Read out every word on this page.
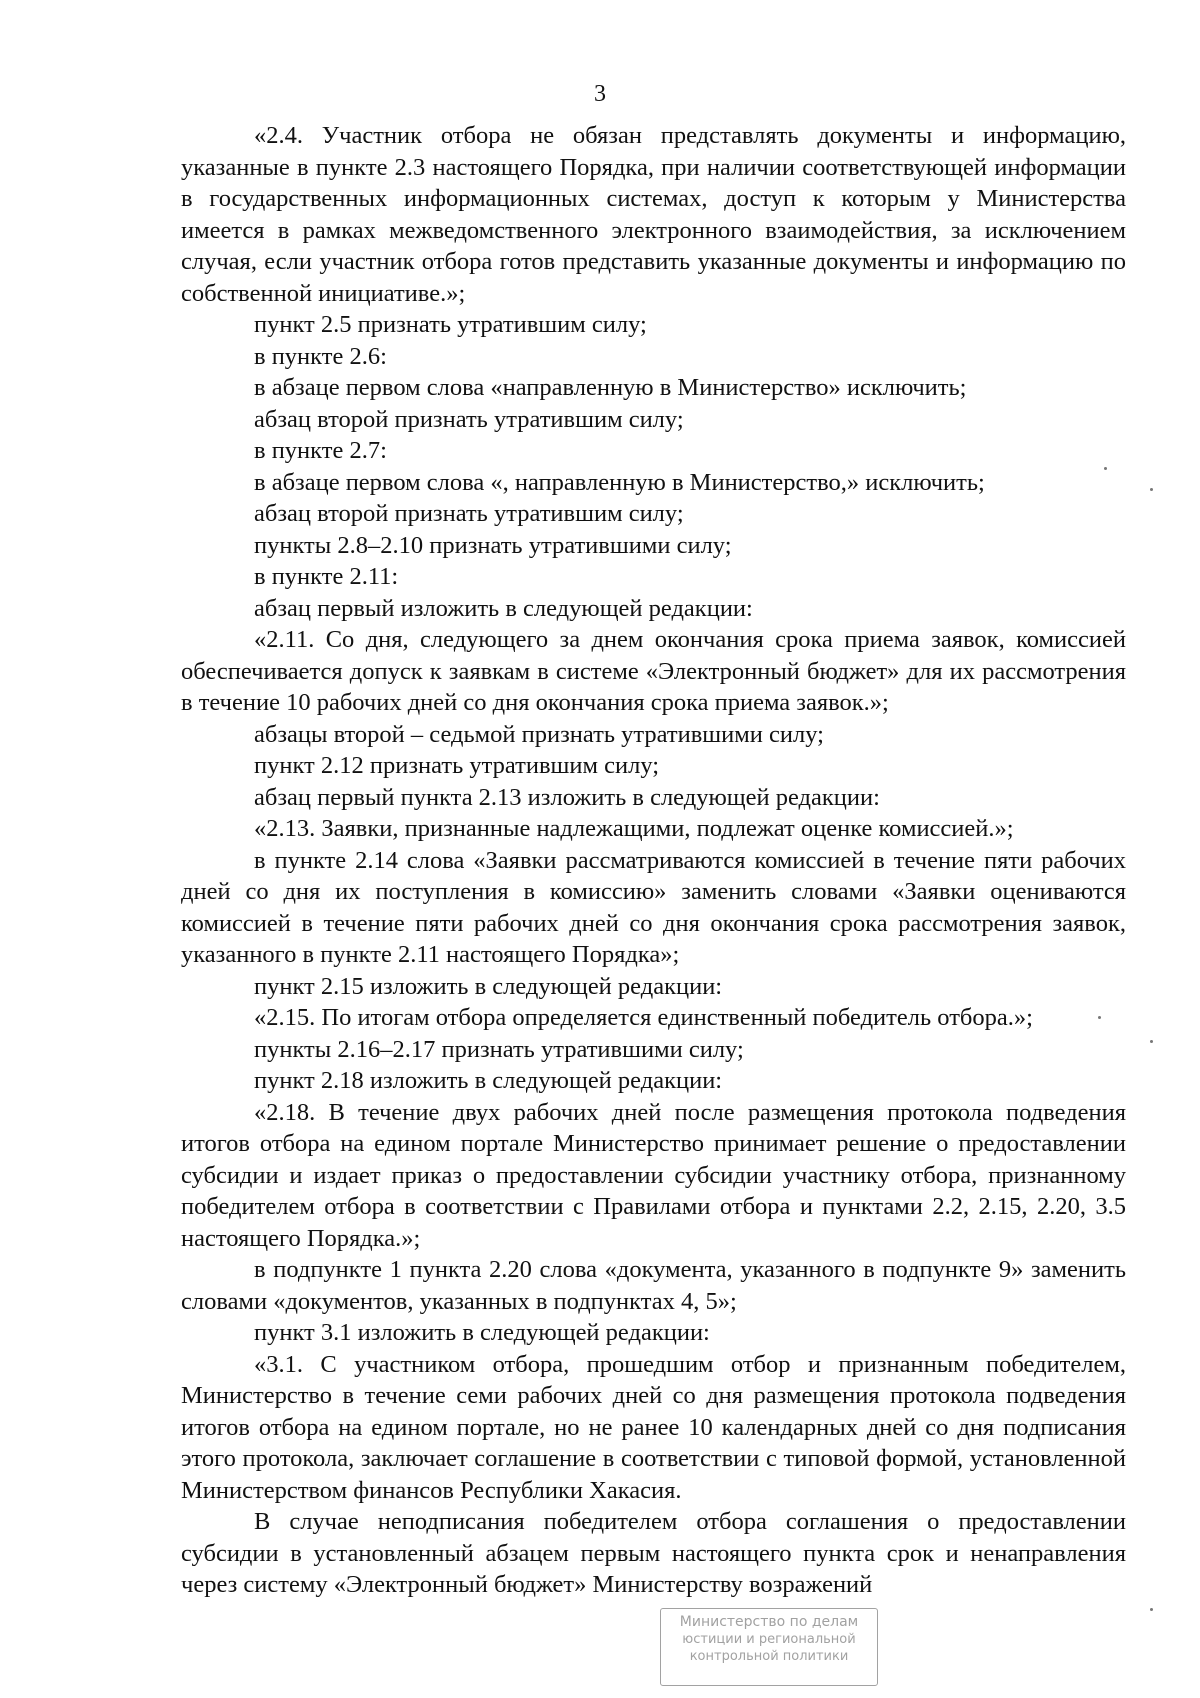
3

«2.4. Участник отбора не обязан представлять документы и информацию, указанные в пункте 2.3 настоящего Порядка, при наличии соответствующей информации в государственных информационных системах, доступ к которым у Министерства имеется в рамках межведомственного электронного взаимодействия, за исключением случая, если участник отбора готов представить указанные документы и информацию по собственной инициативе.»;

пункт 2.5 признать утратившим силу;

в пункте 2.6:

в абзаце первом слова «направленную в Министерство» исключить;

абзац второй признать утратившим силу;

в пункте 2.7:

в абзаце первом слова «, направленную в Министерство,» исключить;

абзац второй признать утратившим силу;

пункты 2.8–2.10 признать утратившими силу;

в пункте 2.11:

абзац первый изложить в следующей редакции:

«2.11. Со дня, следующего за днем окончания срока приема заявок, комиссией обеспечивается допуск к заявкам в системе «Электронный бюджет» для их рассмотрения в течение 10 рабочих дней со дня окончания срока приема заявок.»;

абзацы второй – седьмой признать утратившими силу;

пункт 2.12 признать утратившим силу;

абзац первый пункта 2.13 изложить в следующей редакции:

«2.13. Заявки, признанные надлежащими, подлежат оценке комиссией.»;

в пункте 2.14 слова «Заявки рассматриваются комиссией в течение пяти рабочих дней со дня их поступления в комиссию» заменить словами «Заявки оцениваются комиссией в течение пяти рабочих дней со дня окончания срока рассмотрения заявок, указанного в пункте 2.11 настоящего Порядка»;

пункт 2.15 изложить в следующей редакции:

«2.15. По итогам отбора определяется единственный победитель отбора.»;

пункты 2.16–2.17 признать утратившими силу;

пункт 2.18 изложить в следующей редакции:

«2.18. В течение двух рабочих дней после размещения протокола подведения итогов отбора на едином портале Министерство принимает решение о предоставлении субсидии и издает приказ о предоставлении субсидии участнику отбора, признанному победителем отбора в соответствии с Правилами отбора и пунктами 2.2, 2.15, 2.20, 3.5 настоящего Порядка.»;

в подпункте 1 пункта 2.20 слова «документа, указанного в подпункте 9» заменить словами «документов, указанных в подпунктах 4, 5»;

пункт 3.1 изложить в следующей редакции:

«3.1. С участником отбора, прошедшим отбор и признанным победителем, Министерство в течение семи рабочих дней со дня размещения протокола подведения итогов отбора на едином портале, но не ранее 10 календарных дней со дня подписания этого протокола, заключает соглашение в соответствии с типовой формой, установленной Министерством финансов Республики Хакасия.

В случае неподписания победителем отбора соглашения о предоставлении субсидии в установленный абзацем первым настоящего пункта срок и ненаправления через систему «Электронный бюджет» Министерству возражений

Министерство по делам
юстиции и региональной
контрольной политики
